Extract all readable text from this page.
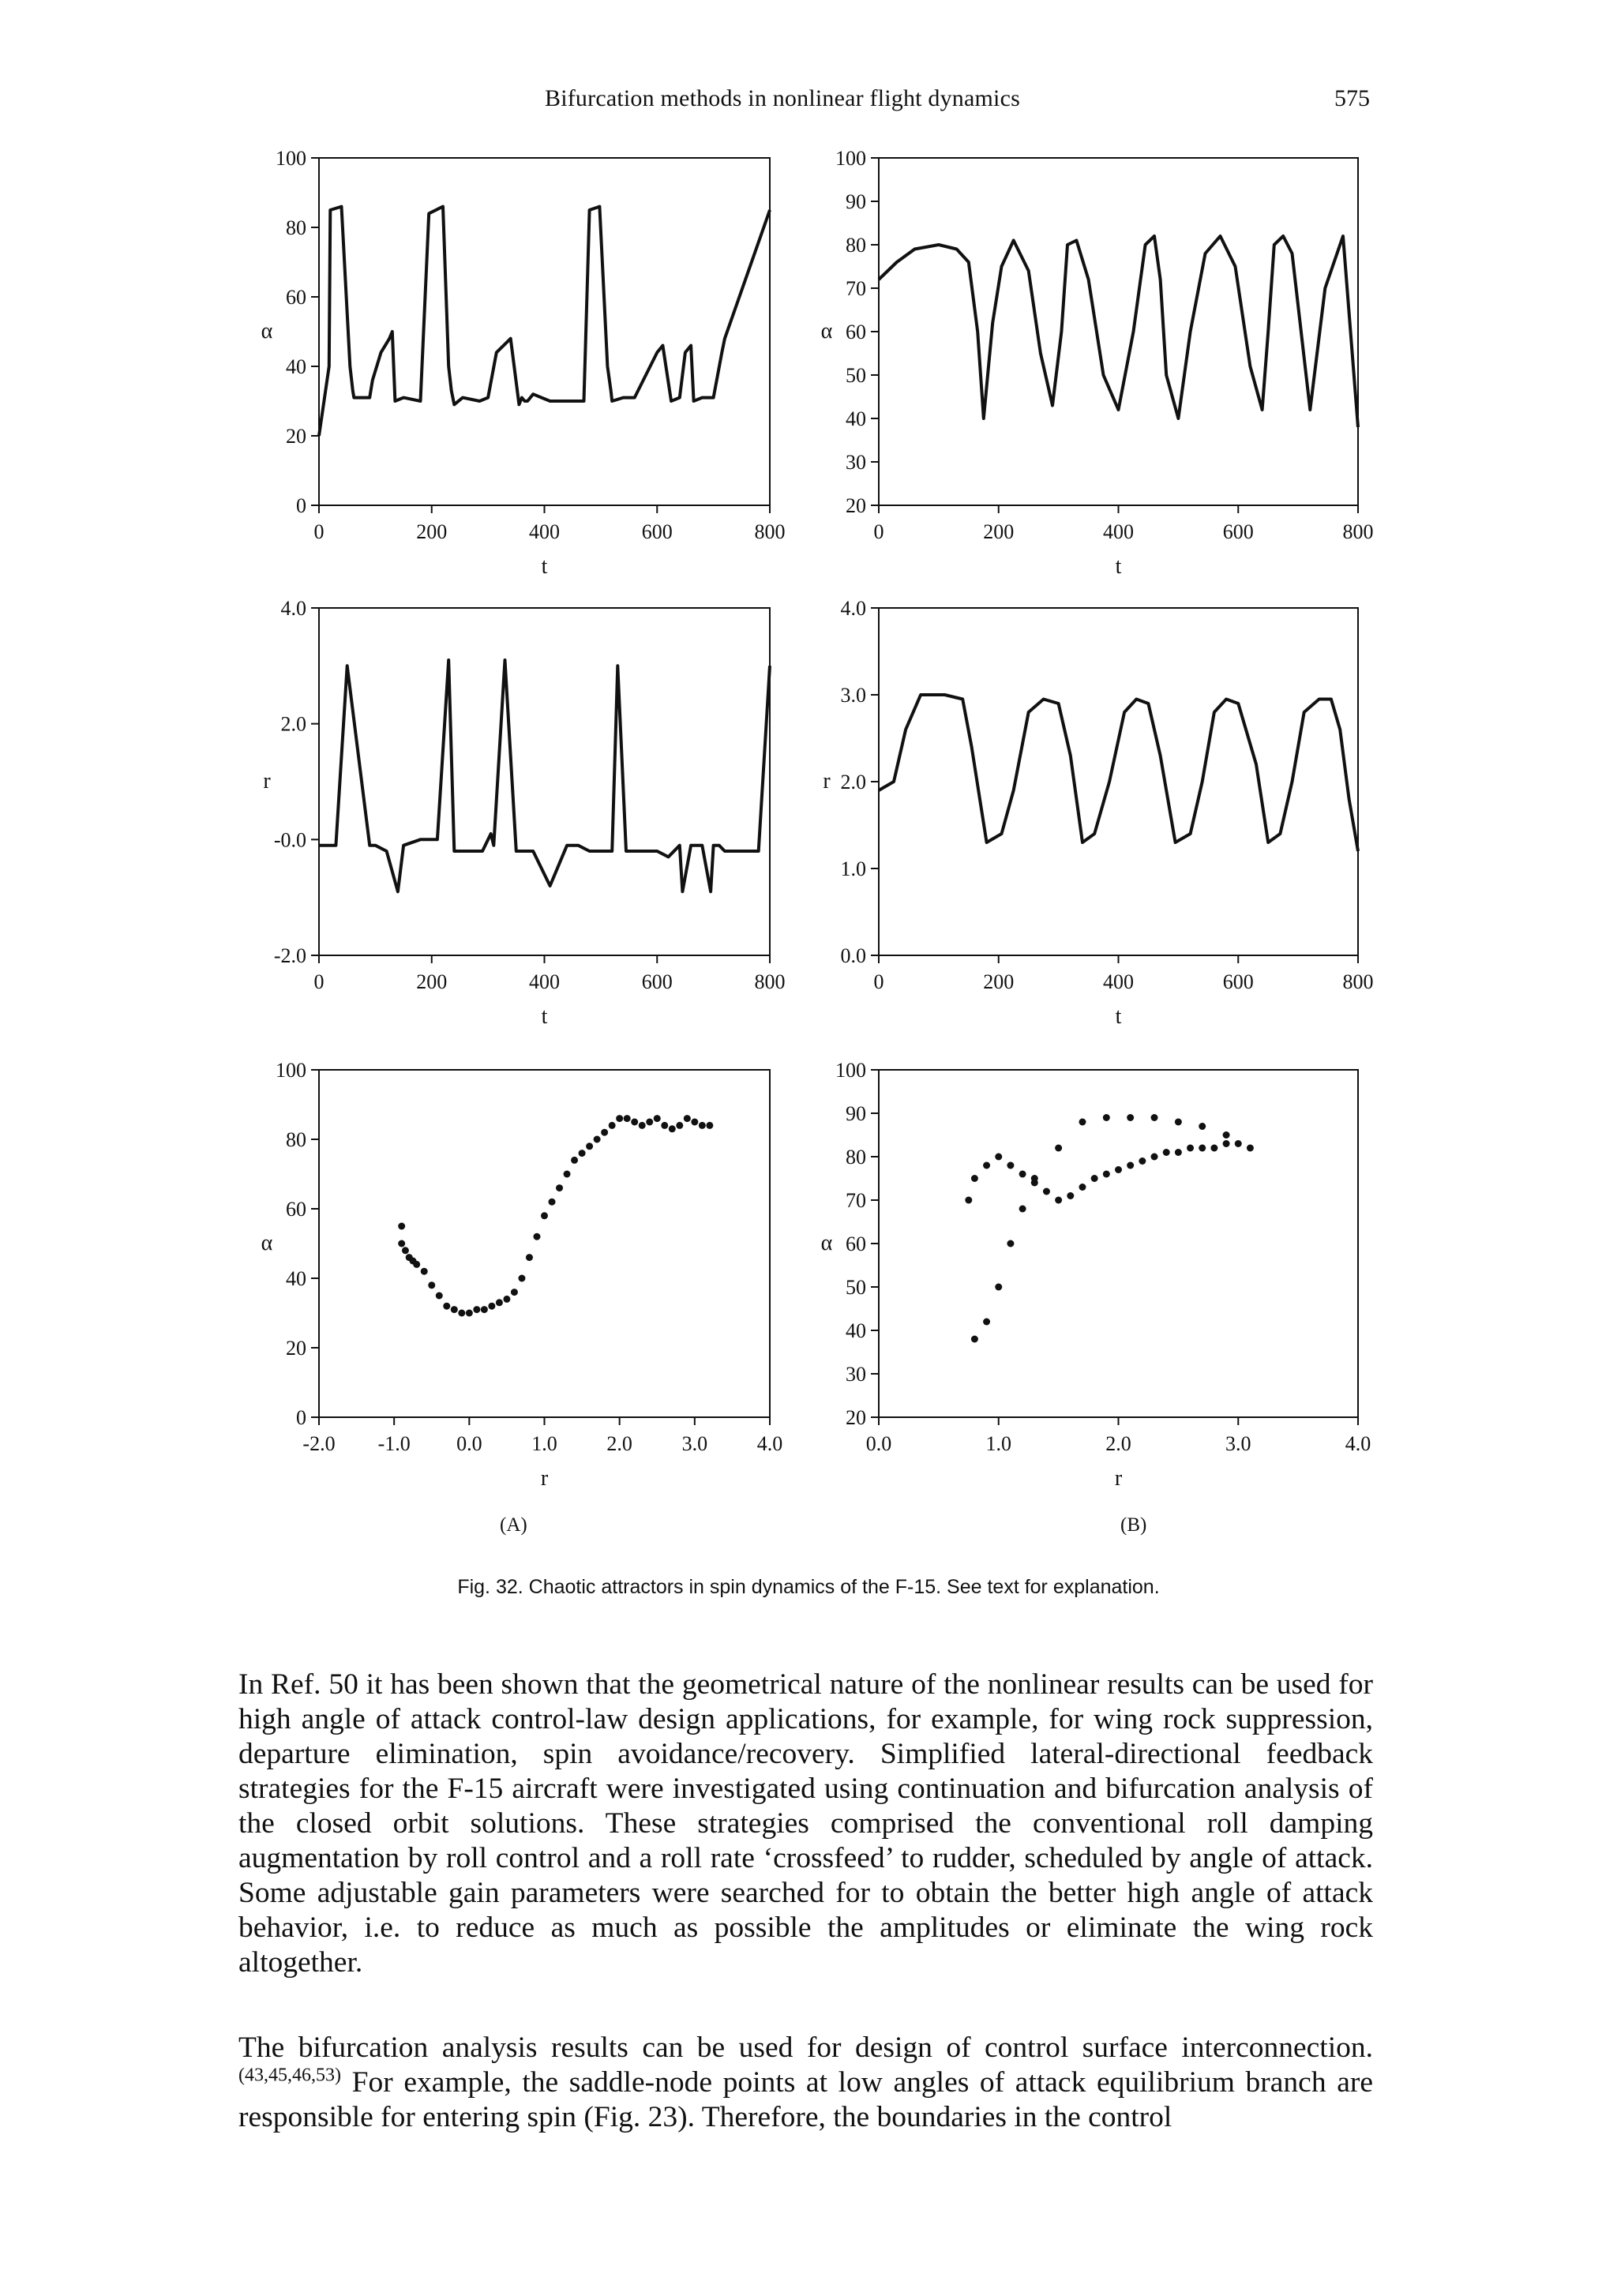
Bifurcation methods in nonlinear flight dynamics	575
0	200	400	600	800
0
20
40
60
80
100
t
α
0	200	400	600	800
20
30
40
50
60
70
80
90
100
t
α
0	200	400	600	800
-2.0
-0.0
2.0
4.0
t
r
0	200	400	600	800
0.0
1.0
2.0
3.0
4.0
t
r
-2.0 -1.0 0.0 1.0 2.0 3.0 4.0
0
20
40
60
80
100
r
α
0.0	1.0	2.0	3.0	4.0
20
30
40
50
60
70
80
90
100
r
α
(A)	(B)
Fig. 32. Chaotic attractors in spin dynamics of the F-15. See text for explanation.

In Ref. 50 it has been shown that the geometrical nature of the nonlinear results can be used for high angle of attack control-law design applications, for example, for wing rock suppression, departure elimination, spin avoidance/recovery. Simplified lateral-directional feedback strategies for the F-15 aircraft were investigated using continuation and bifurcation analysis of the closed orbit solutions. These strategies comprised the conventional roll damping augmentation by roll control and a roll rate ‘crossfeed’ to rudder, scheduled by angle of attack. Some adjustable gain parameters were searched for to obtain the better high angle of attack behavior, i.e. to reduce as much as possible the amplitudes or eliminate the wing rock altogether.

The bifurcation analysis results can be used for design of control surface interconnection.$^{(43,45,46,53)}$ For example, the saddle-node points at low angles of attack equilibrium branch are responsible for entering spin (Fig. 23). Therefore, the boundaries in the control
